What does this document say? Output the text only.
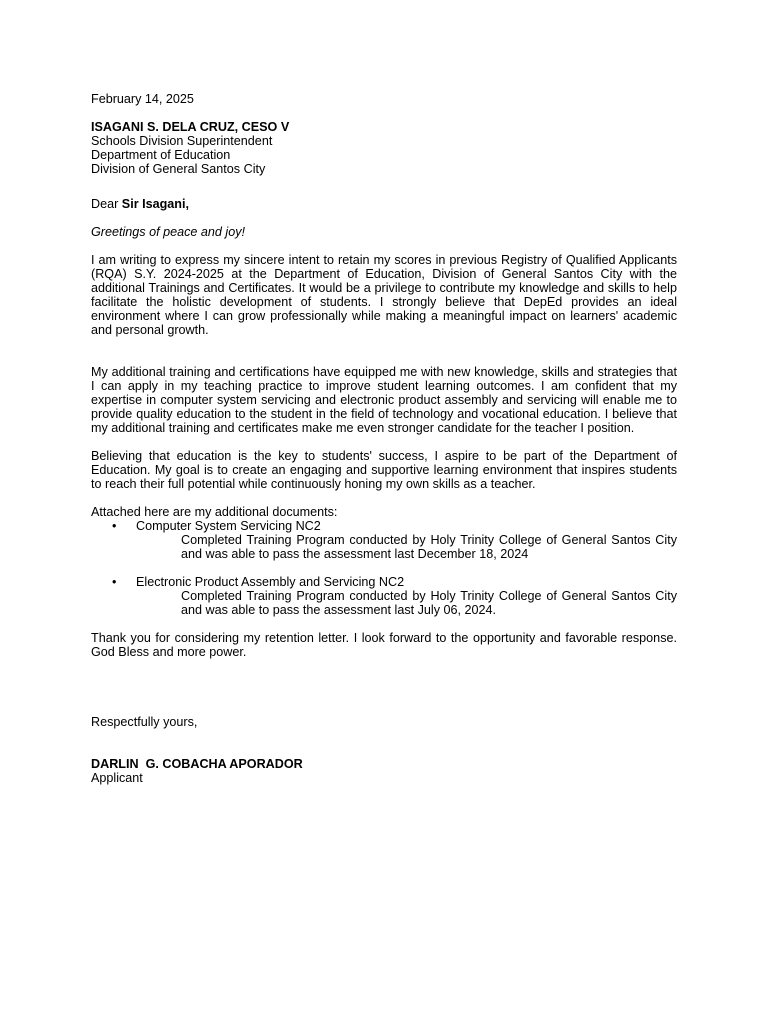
February 14, 2025
ISAGANI S. DELA CRUZ, CESO V
Schools Division Superintendent
Department of Education
Division of General Santos City
Dear Sir Isagani,
Greetings of peace and joy!

I am writing to express my sincere intent to retain my scores in previous Registry of Qualified Applicants (RQA) S.Y. 2024-2025 at the Department of Education, Division of General Santos City with the additional Trainings and Certificates. It would be a privilege to contribute my knowledge and skills to help facilitate the holistic development of students. I strongly believe that DepEd provides an ideal environment where I can grow professionally while making a meaningful impact on learners' academic and personal growth.

My additional training and certifications have equipped me with new knowledge, skills and strategies that I can apply in my teaching practice to improve student learning outcomes. I am confident that my expertise in computer system servicing and electronic product assembly and servicing will enable me to provide quality education to the student in the field of technology and vocational education. I believe that my additional training and certificates make me even stronger candidate for the teacher I position.

Believing that education is the key to students' success, I aspire to be part of the Department of Education. My goal is to create an engaging and supportive learning environment that inspires students to reach their full potential while continuously honing my own skills as a teacher.

Attached here are my additional documents:
• Computer System Servicing NC2
Completed Training Program conducted by Holy Trinity College of General Santos City and was able to pass the assessment last December 18, 2024
• Electronic Product Assembly and Servicing NC2
Completed Training Program conducted by Holy Trinity College of General Santos City and was able to pass the assessment last July 06, 2024.

Thank you for considering my retention letter. I look forward to the opportunity and favorable response. God Bless and more power.

Respectfully yours,
DARLIN  G. COBACHA APORADOR
Applicant
